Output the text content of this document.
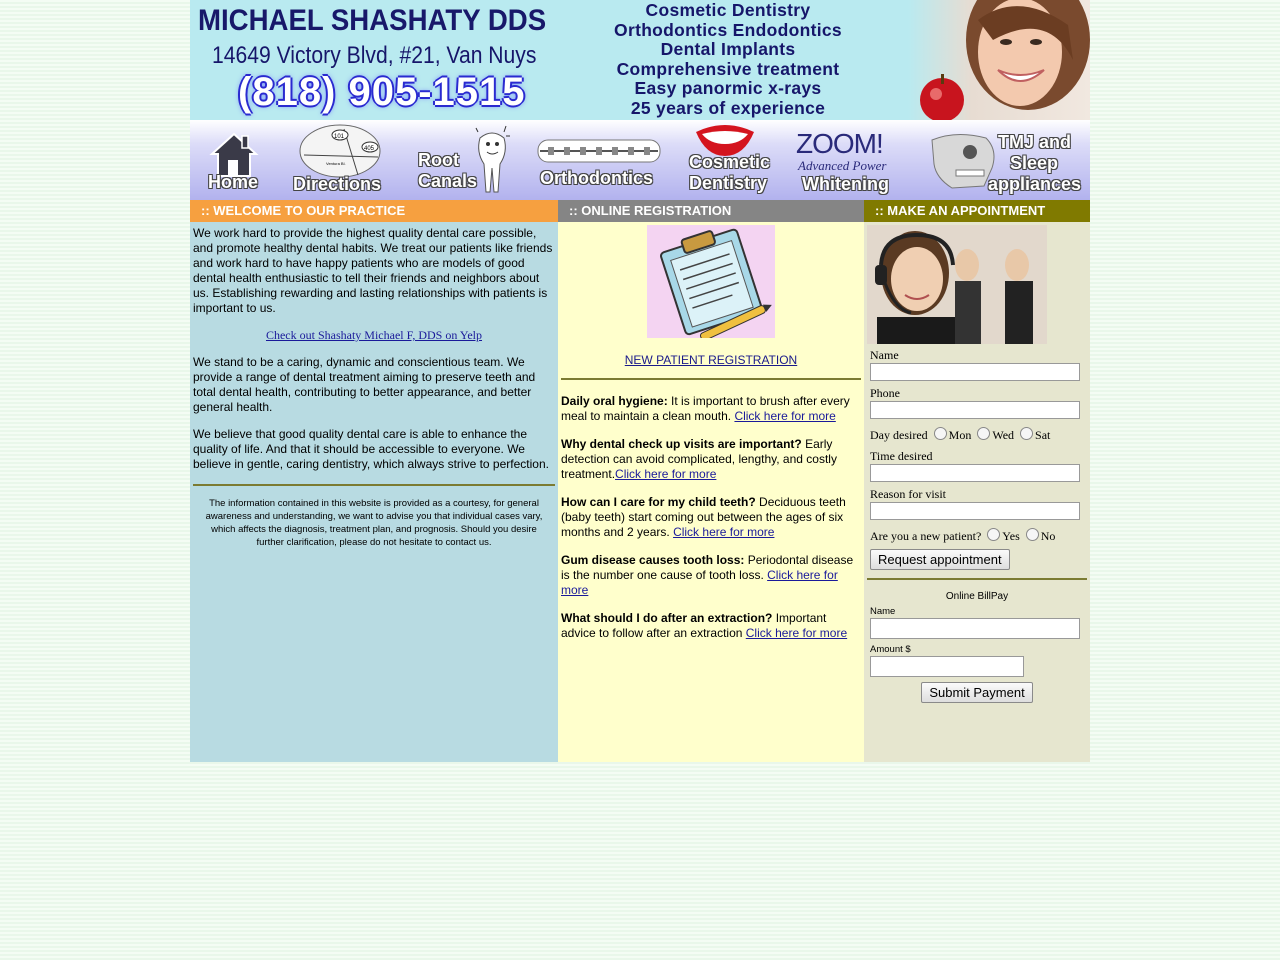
MICHAEL SHASHATY DDS
14649 Victory Blvd, #21, Van Nuys
(818) 905-1515
Cosmetic Dentistry
Orthodontics Endodontics
Dental Implants
Comprehensive treatment
Easy panormic x-rays
25 years of experience
Home
101
405
Ventura Bl.
Directions
Root
Canals	Orthodontics
Cosmetic
Dentistry
ZOOM!
Advanced Power
Whitening
TMJ and
Sleep
appliances
:: WELCOME TO OUR PRACTICE

We work hard to provide the highest quality dental care possible, and promote healthy dental habits. We treat our patients like friends and work hard to have happy patients who are models of good dental health enthusiastic to tell their friends and neighbors about us. Establishing rewarding and lasting relationships with patients is important to us.

Check out Shashaty Michael F, DDS on Yelp

We stand to be a caring, dynamic and conscientious team. We provide a range of dental treatment aiming to preserve teeth and total dental health, contributing to better appearance, and better general health.

We believe that good quality dental care is able to enhance the quality of life. And that it should be accessible to everyone. We believe in gentle, caring dentistry, which always strive to perfection.

The information contained in this website is provided as a courtesy, for general awareness and understanding, we want to advise you that individual cases vary, which affects the diagnosis, treatment plan, and prognosis. Should you desire further clarification, please do not hesitate to contact us.
:: ONLINE REGISTRATION
NEW PATIENT REGISTRATION
Daily oral hygiene: It is important to brush after every meal to maintain a clean mouth. Click here for more
Why dental check up visits are important? Early detection can avoid complicated, lengthy, and costly treatment.Click here for more
How can I care for my child teeth? Deciduous teeth (baby teeth) start coming out between the ages of six months and 2 years. Click here for more
Gum disease causes tooth loss: Periodontal disease is the number one cause of tooth loss. Click here for more
What should I do after an extraction? Important advice to follow after an extraction Click here for more
:: MAKE AN APPOINTMENT
Name
Phone
Day desired Mon Wed Sat
Time desired
Reason for visit
Are you a new patient? Yes No
Request appointment
Online BillPay
Name
Amount $
Submit Payment
